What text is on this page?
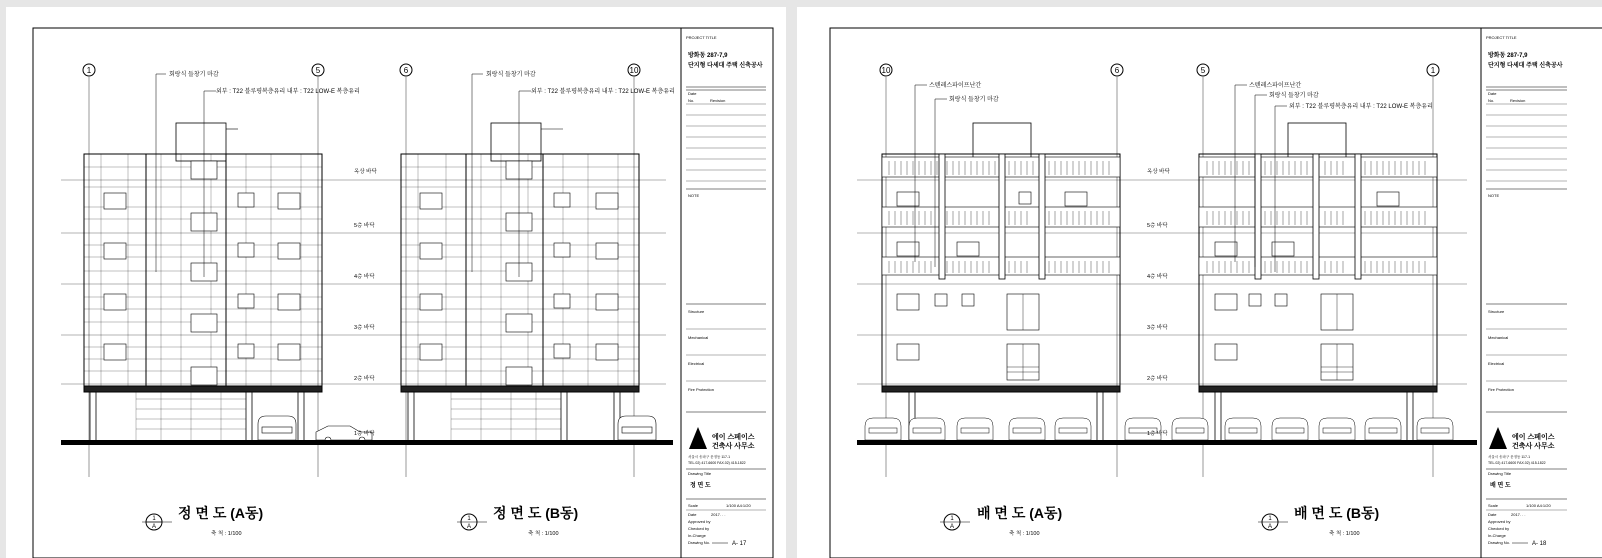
1	5	6	10
회랑식 들창기 마감
외부 : T22 블루평복층유리 내부 : T22 LOW-E 복층유리
회랑식 들창기 마감
외부 : T22 블루평복층유리 내부 : T22 LOW-E 복층유리
옥상 바닥
5층 바닥
4층 바닥
3층 바닥
2층 바닥
1층 바닥
1
A
정 면 도 (A동)
축 척 : 1/100
1
A
정 면 도 (B동)
축 척 : 1/100
PROJECT TITLE
방화동 287-7,9
단지형 다세대 주택 신축공사
Date
No.	Revision
NOTE
Structure
Mechanical
Electrical
Fire Protection
에이 스페이스
건축사 사무소
서울시 송파구 문정동 117-1
TEL.02) 417-6600 FAX.02) 415-1822
Drawing Title
정 면 도
Scale	1/100 A4:1/20
Date	2017. . .
Approved by
Checked by
In-Charge
Drawing No.	A- 17
10	6	5	1
스텐레스파이프난간
회랑식 들창기 마감
스텐레스파이프난간
회랑식 들창기 마감
외부 : T22 블루평복층유리 내부 : T22 LOW-E 복층유리
옥상 바닥
5층 바닥
4층 바닥
3층 바닥
2층 바닥
1층 바닥
1
A
배 면 도 (A동)
축 척 : 1/100
1
A
배 면 도 (B동)
축 척 : 1/100
PROJECT TITLE
방화동 287-7,9
단지형 다세대 주택 신축공사
Date
No.	Revision
NOTE
Structure
Mechanical
Electrical
Fire Protection
에이 스페이스
건축사 사무소
서울시 송파구 문정동 117-1
TEL.02) 417-6600 FAX.02) 415-1822
Drawing Title
배 면 도
Scale	1/100 A4:1/20
Date	2017. . .
Approved by
Checked by
In-Charge
Drawing No.	A- 18
